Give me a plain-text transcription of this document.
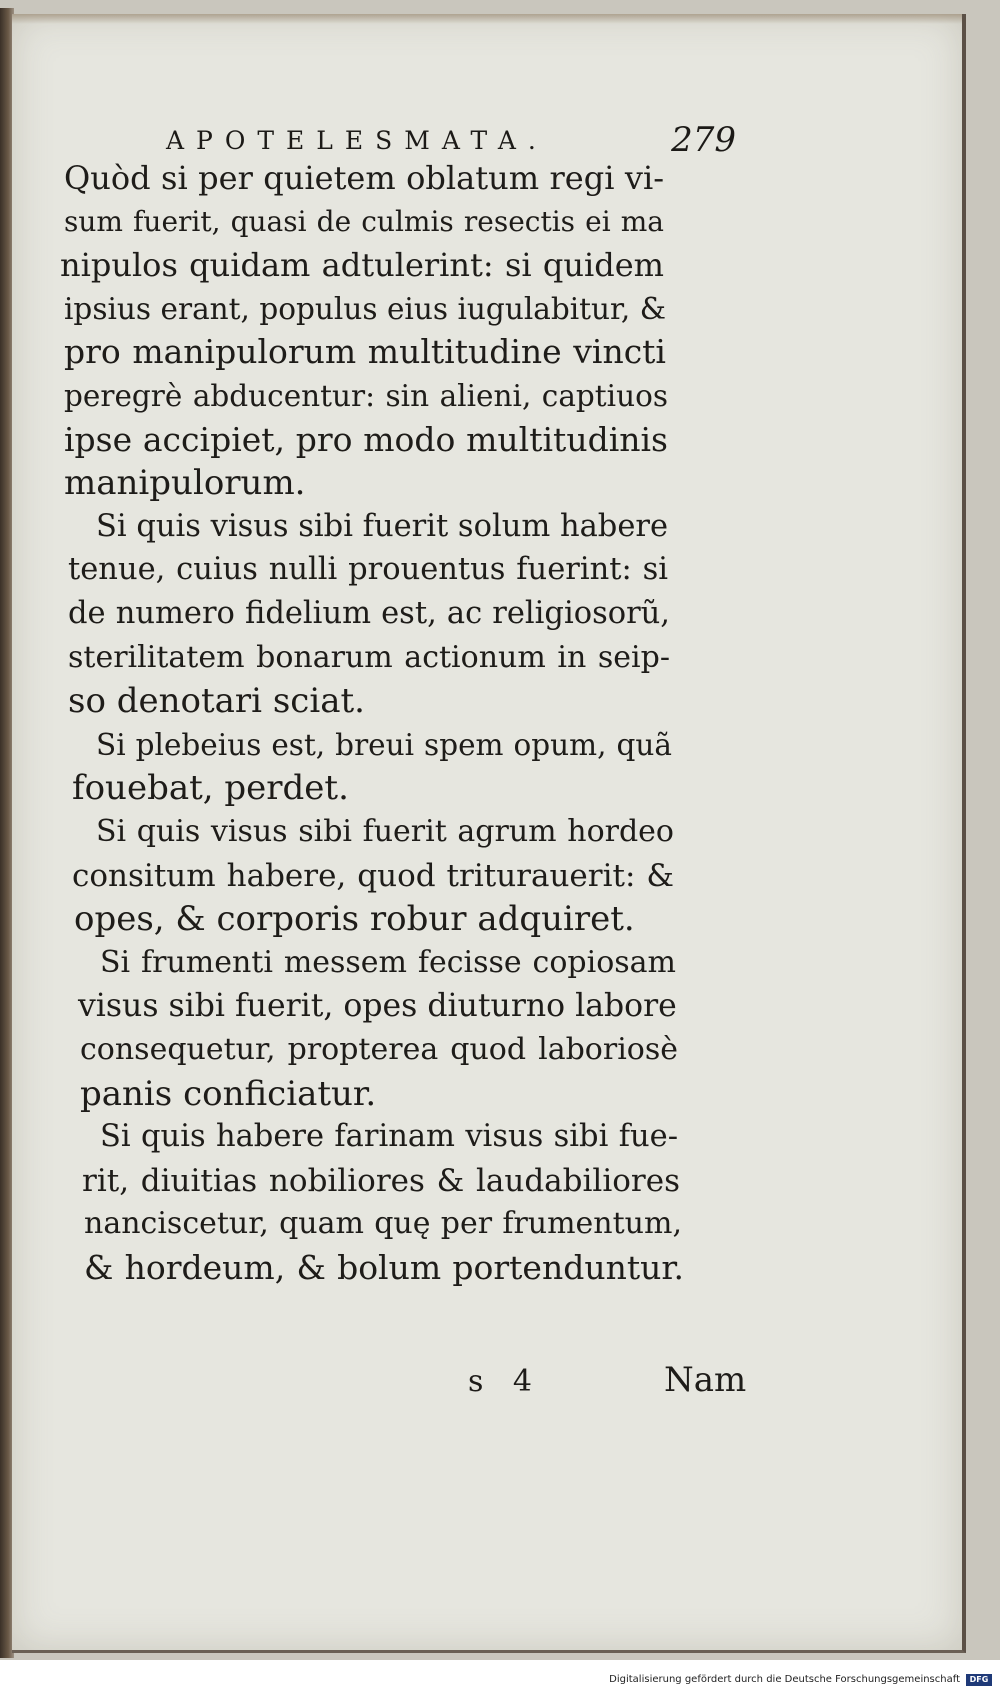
APOTELESMATA.	279
Quòd si per quietem oblatum regi vi-
sum fuerit, quasi de culmis resectis ei ma
nipulos quidam adtulerint: si quidem
ipsius erant, populus eius iugulabitur, &
pro manipulorum multitudine vincti
peregrè abducentur: sin alieni, captiuos
ipse accipiet, pro modo multitudinis
manipulorum.
Si quis visus sibi fuerit solum habere
tenue, cuius nulli prouentus fuerint: si
de numero fidelium est, ac religiosorũ,
sterilitatem bonarum actionum in seip-
so denotari sciat.
Si plebeius est, breui spem opum, quã
fouebat, perdet.
Si quis visus sibi fuerit agrum hordeo
consitum habere, quod triturauerit: &
opes, & corporis robur adquiret.
Si frumenti messem fecisse copiosam
visus sibi fuerit, opes diuturno labore
consequetur, propterea quod laboriosè
panis conficiatur.
Si quis habere farinam visus sibi fue-
rit, diuitias nobiliores & laudabiliores
nanciscetur, quam quę per frumentum,
& hordeum, & bolum portenduntur.
s 4	Nam
Digitalisierung gefördert durch die Deutsche Forschungsgemeinschaft	DFG
